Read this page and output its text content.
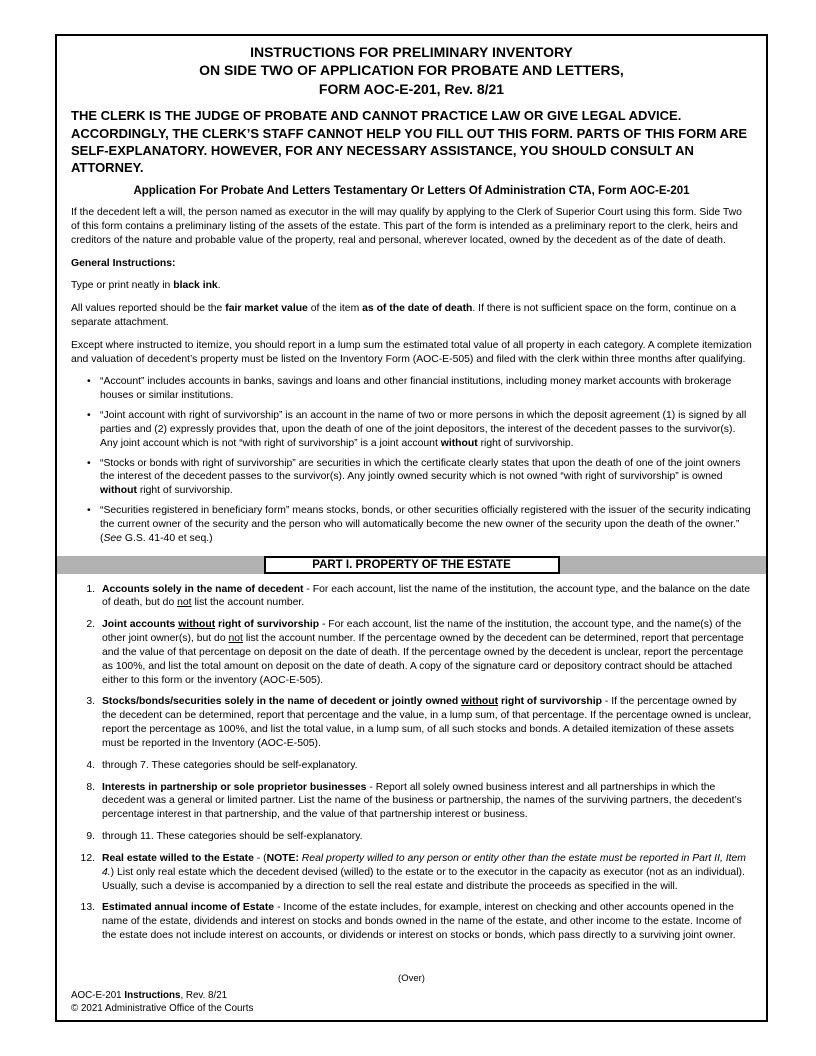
INSTRUCTIONS FOR PRELIMINARY INVENTORY
ON SIDE TWO OF APPLICATION FOR PROBATE AND LETTERS,
FORM AOC-E-201, Rev. 8/21

THE CLERK IS THE JUDGE OF PROBATE AND CANNOT PRACTICE LAW OR GIVE LEGAL ADVICE. ACCORDINGLY, THE CLERK’S STAFF CANNOT HELP YOU FILL OUT THIS FORM. PARTS OF THIS FORM ARE SELF-EXPLANATORY. HOWEVER, FOR ANY NECESSARY ASSISTANCE, YOU SHOULD CONSULT AN ATTORNEY.

Application For Probate And Letters Testamentary Or Letters Of Administration CTA, Form AOC-E-201

If the decedent left a will, the person named as executor in the will may qualify by applying to the Clerk of Superior Court using this form. Side Two of this form contains a preliminary listing of the assets of the estate. This part of the form is intended as a preliminary report to the clerk, heirs and creditors of the nature and probable value of the property, real and personal, wherever located, owned by the decedent as of the date of death.

General Instructions:

Type or print neatly in black ink.

All values reported should be the fair market value of the item as of the date of death. If there is not sufficient space on the form, continue on a separate attachment.

Except where instructed to itemize, you should report in a lump sum the estimated total value of all property in each category. A complete itemization and valuation of decedent’s property must be listed on the Inventory Form (AOC-E-505) and filed with the clerk within three months after qualifying.

• “Account” includes accounts in banks, savings and loans and other financial institutions, including money market accounts with brokerage houses or similar institutions.
• “Joint account with right of survivorship” is an account in the name of two or more persons in which the deposit agreement (1) is signed by all parties and (2) expressly provides that, upon the death of one of the joint depositors, the interest of the decedent passes to the survivor(s). Any joint account which is not “with right of survivorship” is a joint account without right of survivorship.
• “Stocks or bonds with right of survivorship” are securities in which the certificate clearly states that upon the death of one of the joint owners the interest of the decedent passes to the survivor(s). Any jointly owned security which is not owned “with right of survivorship” is owned without right of survivorship.
• “Securities registered in beneficiary form” means stocks, bonds, or other securities officially registered with the issuer of the security indicating the current owner of the security and the person who will automatically become the new owner of the security upon the death of the owner.” (See G.S. 41-40 et seq.)
PART I. PROPERTY OF THE ESTATE
1. Accounts solely in the name of decedent - For each account, list the name of the institution, the account type, and the balance on the date of death, but do not list the account number.
2. Joint accounts without right of survivorship - For each account, list the name of the institution, the account type, and the name(s) of the other joint owner(s), but do not list the account number. If the percentage owned by the decedent can be determined, report that percentage and the value of that percentage on deposit on the date of death. If the percentage owned by the decedent is unclear, report the percentage as 100%, and list the total amount on deposit on the date of death. A copy of the signature card or depository contract should be attached either to this form or the inventory (AOC-E-505).
3. Stocks/bonds/securities solely in the name of decedent or jointly owned without right of survivorship - If the percentage owned by the decedent can be determined, report that percentage and the value, in a lump sum, of that percentage. If the percentage owned is unclear, report the percentage as 100%, and list the total value, in a lump sum, of all such stocks and bonds. A detailed itemization of these assets must be reported in the Inventory (AOC-E-505).
4. through 7. These categories should be self-explanatory.
8. Interests in partnership or sole proprietor businesses - Report all solely owned business interest and all partnerships in which the decedent was a general or limited partner. List the name of the business or partnership, the names of the surviving partners, the decedent’s percentage interest in that partnership, and the value of that partnership interest or business.
9. through 11. These categories should be self-explanatory.
12. Real estate willed to the Estate - (NOTE: Real property willed to any person or entity other than the estate must be reported in Part II, Item 4.) List only real estate which the decedent devised (willed) to the estate or to the executor in the capacity as executor (not as an individual). Usually, such a devise is accompanied by a direction to sell the real estate and distribute the proceeds as specified in the will.
13. Estimated annual income of Estate - Income of the estate includes, for example, interest on checking and other accounts opened in the name of the estate, dividends and interest on stocks and bonds owned in the name of the estate, and other income to the estate. Income of the estate does not include interest on accounts, or dividends or interest on stocks or bonds, which pass directly to a surviving joint owner.
(Over)
AOC-E-201 Instructions, Rev. 8/21
© 2021 Administrative Office of the Courts
